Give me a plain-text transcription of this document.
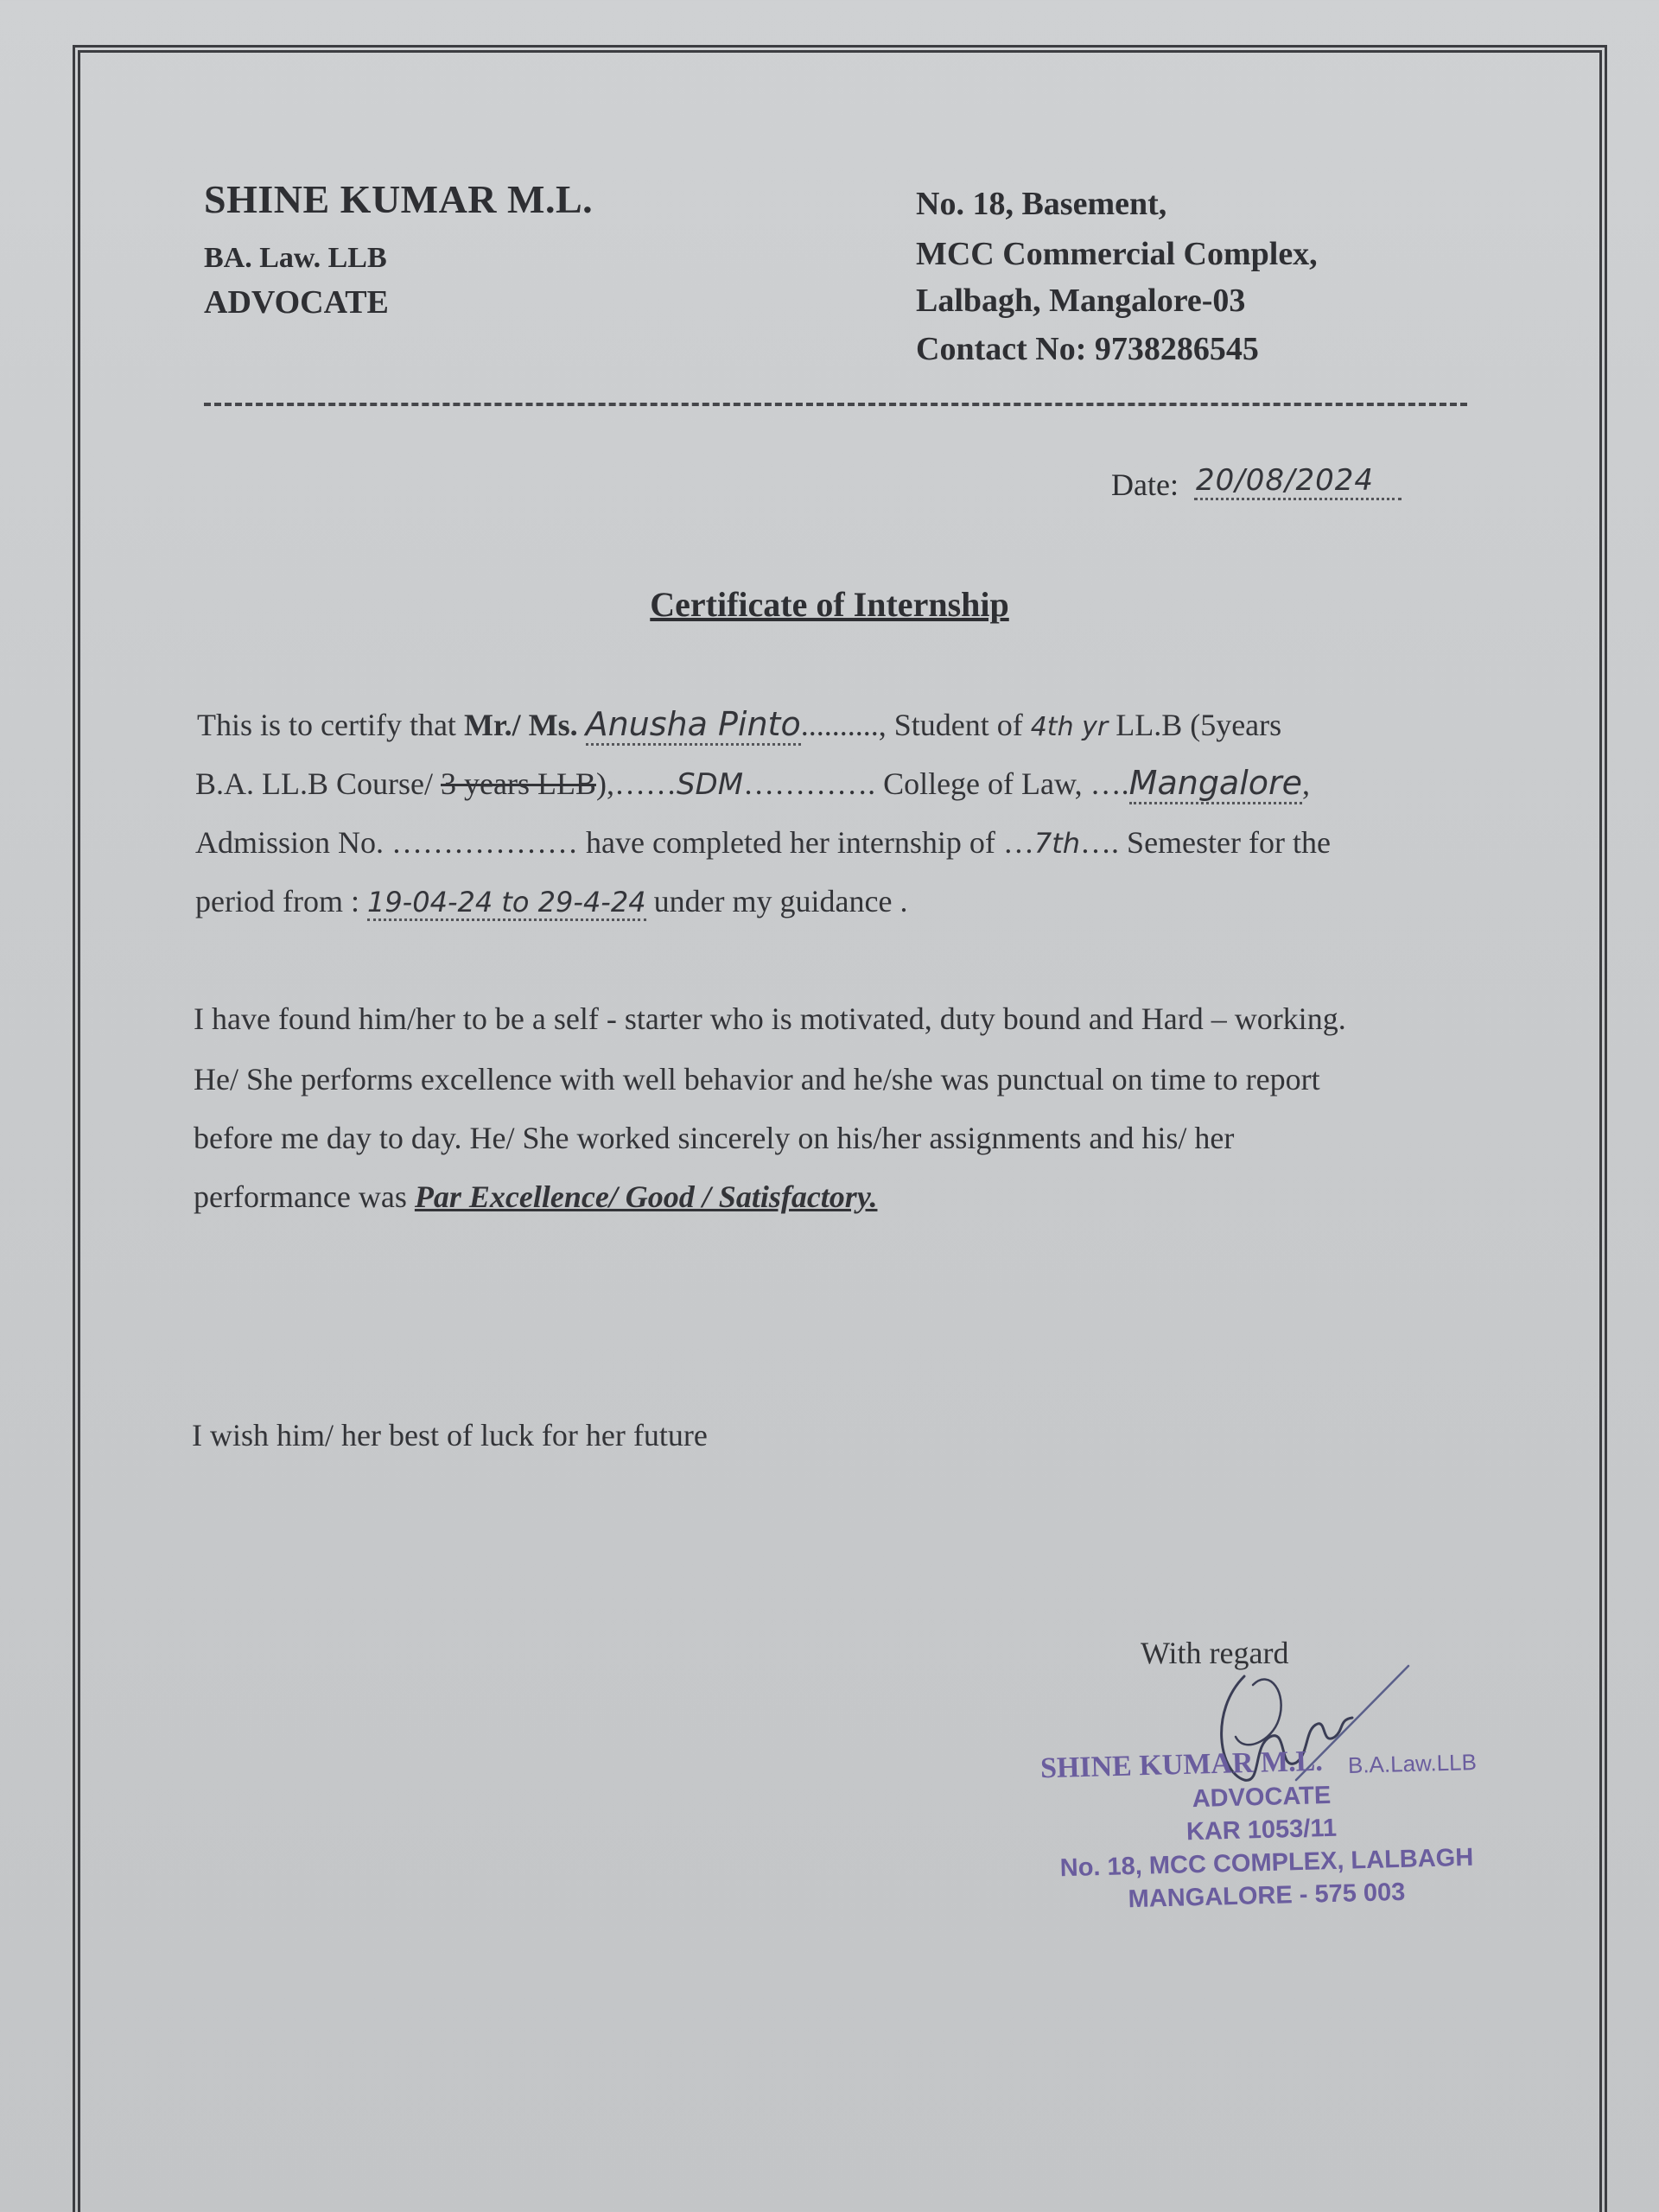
SHINE KUMAR M.L.
BA. Law. LLB
ADVOCATE
No. 18, Basement,
MCC Commercial Complex,
Lalbagh, Mangalore-03
Contact No: 9738286545
Date: 20/08/2024
Certificate of Internship
This is to certify that Mr./ Ms. Anusha Pinto.........., Student of 4th yr LL.B (5years
B.A. LL.B Course/ 3 years LLB),……SDM…………. College of Law, ….Mangalore,
Admission No. ……………… have completed her internship of …7th…. Semester for the
period from : 19-04-24 to 29-4-24 under my guidance .
I have found him/her to be a self - starter who is motivated, duty bound and Hard – working.
He/ She performs excellence with well behavior and he/she was punctual on time to report
before me day to day. He/ She worked sincerely on his/her assignments and his/ her
performance was Par Excellence/ Good / Satisfactory.
I wish him/ her best of luck for her future
With regard
SHINE KUMAR M.L. B.A.Law.LLB
ADVOCATE
KAR 1053/11
No. 18, MCC COMPLEX, LALBAGH
MANGALORE - 575 003
